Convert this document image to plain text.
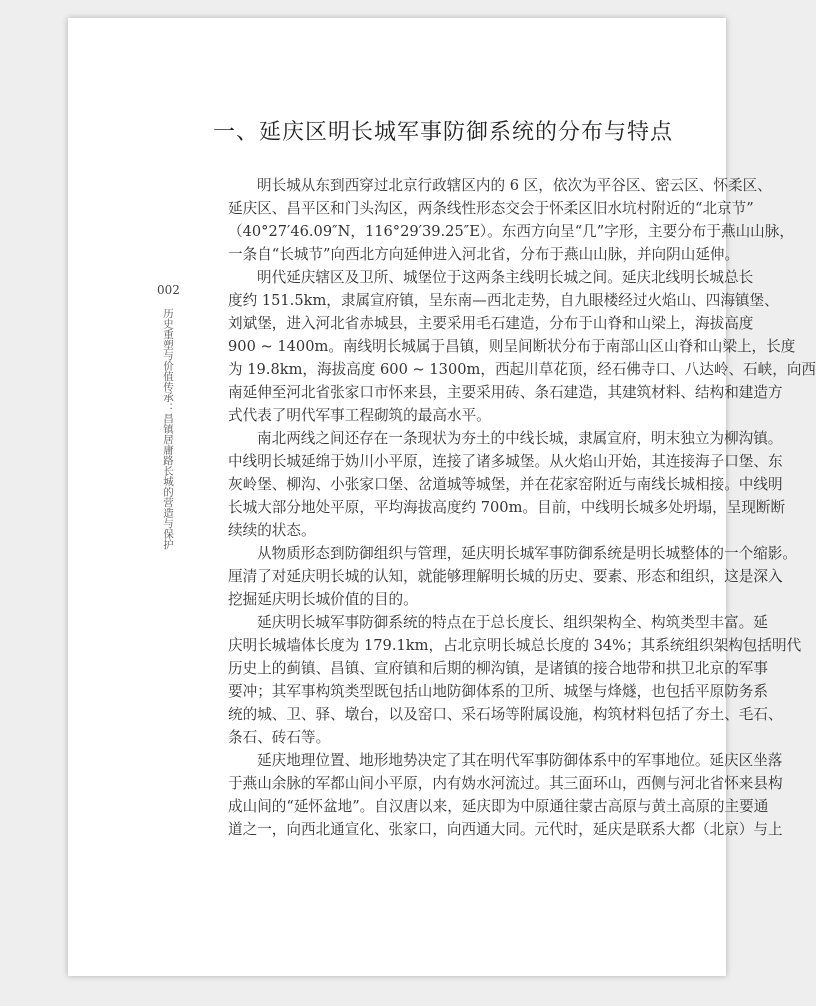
一、延庆区明长城军事防御系统的分布与特点
002
历史重塑与价值传承：昌镇居庸路长城的营造与保护
明长城从东到西穿过北京行政辖区内的 6 区，依次为平谷区、密云区、怀柔区、
延庆区、昌平区和门头沟区，两条线性形态交会于怀柔区旧水坑村附近的“北京节”
（40°27′46.09″N，116°29′39.25″E）。东西方向呈“几”字形，主要分布于燕山山脉，
一条自“长城节”向西北方向延伸进入河北省，分布于燕山山脉，并向阴山延伸。
明代延庆辖区及卫所、城堡位于这两条主线明长城之间。延庆北线明长城总长
度约 151.5km，隶属宣府镇，呈东南—西北走势，自九眼楼经过火焰山、四海镇堡、
刘斌堡，进入河北省赤城县，主要采用毛石建造，分布于山脊和山梁上，海拔高度
900 ~ 1400m。南线明长城属于昌镇，则呈间断状分布于南部山区山脊和山梁上，长度
为 19.8km，海拔高度 600 ~ 1300m，西起川草花顶，经石佛寺口、八达岭、石峡，向西
南延伸至河北省张家口市怀来县，主要采用砖、条石建造，其建筑材料、结构和建造方
式代表了明代军事工程砌筑的最高水平。
南北两线之间还存在一条现状为夯土的中线长城，隶属宣府，明末独立为柳沟镇。
中线明长城延绵于妫川小平原，连接了诸多城堡。从火焰山开始，其连接海子口堡、东
灰岭堡、柳沟、小张家口堡、岔道城等城堡，并在花家窑附近与南线长城相接。中线明
长城大部分地处平原，平均海拔高度约 700m。目前，中线明长城多处坍塌，呈现断断
续续的状态。
从物质形态到防御组织与管理，延庆明长城军事防御系统是明长城整体的一个缩影。
厘清了对延庆明长城的认知，就能够理解明长城的历史、要素、形态和组织，这是深入
挖掘延庆明长城价值的目的。
延庆明长城军事防御系统的特点在于总长度长、组织架构全、构筑类型丰富。延
庆明长城墙体长度为 179.1km，占北京明长城总长度的 34%；其系统组织架构包括明代
历史上的蓟镇、昌镇、宣府镇和后期的柳沟镇，是诸镇的接合地带和拱卫北京的军事
要冲；其军事构筑类型既包括山地防御体系的卫所、城堡与烽燧，也包括平原防务系
统的城、卫、驿、墩台，以及窑口、采石场等附属设施，构筑材料包括了夯土、毛石、
条石、砖石等。
延庆地理位置、地形地势决定了其在明代军事防御体系中的军事地位。延庆区坐落
于燕山余脉的军都山间小平原，内有妫水河流过。其三面环山，西侧与河北省怀来县构
成山间的“延怀盆地”。自汉唐以来，延庆即为中原通往蒙古高原与黄土高原的主要通
道之一，向西北通宣化、张家口，向西通大同。元代时，延庆是联系大都（北京）与上
